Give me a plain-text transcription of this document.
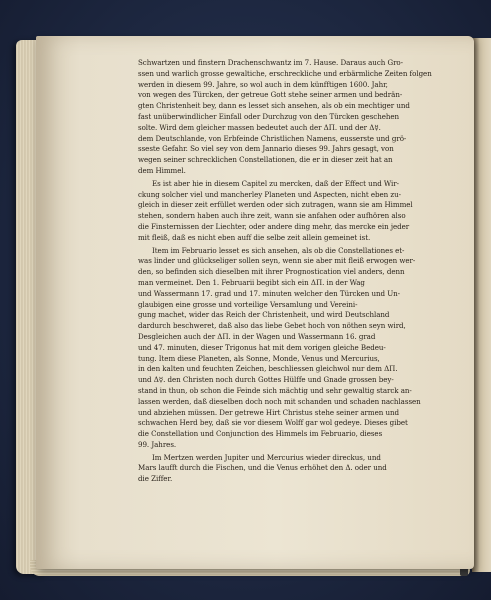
Schwartzen und finstern Drachenschwantz im 7. Hause. Daraus auch Gro-
ssen und warlich grosse gewaltiche, erschreckliche und erbärmliche Zeiten folgen
werden in diesem 99. Jahre, so wol auch in dem künfftigen 1600. Jahr,
von wegen des Türcken, der getreue Gott stehe seiner armen und bedrän-
gten Christenheit bey, dann es lesset sich ansehen, als ob ein mechtiger und
fast unüberwindlicher Einfall oder Durchzug von den Türcken geschehen
solte. Wird dem gleicher massen bedeutet auch der ΔΠ. und der Δ☿.
dem Deutschlande, von Erbfeinde Christlichen Namens, eusserste und grö-
sseste Gefahr. So viel sey von dem Jannario dieses 99. Jahrs gesagt, von
wegen seiner schrecklichen Constellationen, die er in dieser zeit hat an
dem Himmel.

Es ist aber hie in diesem Capitel zu mercken, daß der Effect und Wir-
ckung solcher viel und mancherley Planeten und Aspecten, nicht eben zu-
gleich in dieser zeit erfüllet werden oder sich zutragen, wann sie am Himmel
stehen, sondern haben auch ihre zeit, wann sie anfahen oder aufhören also
die Finsternissen der Liechter, oder andere ding mehr, das mercke ein jeder
mit fleiß, daß es nicht eben auff die selbe zeit allein gemeinet ist.

Item im Februario lesset es sich ansehen, als ob die Constellationes et-
was linder und glückseliger sollen seyn, wenn sie aber mit fleiß erwogen wer-
den, so befinden sich dieselben mit ihrer Prognostication viel anders, denn
man vermeinet. Den 1. Februarii begibt sich ein ΔΠ. in der Wag
und Wassermann 17. grad und 17. minuten welcher den Türcken und Un-
glaubigen eine grosse und vorteilige Versamlung und Vereini-
gung machet, wider das Reich der Christenheit, und wird Deutschland
dardurch beschweret, daß also das liebe Gebet hoch von nöthen seyn wird,
Desgleichen auch der ΔΠ. in der Wagen und Wassermann 16. grad
und 47. minuten, dieser Trigonus hat mit dem vorigen gleiche Bedeu-
tung. Item diese Planeten, als Sonne, Monde, Venus und Mercurius,
in den kalten und feuchten Zeichen, beschliessen gleichwol nur dem ΔΠ.
und Δ☿. den Christen noch durch Gottes Hülffe und Gnade grossen bey-
stand in thun, ob schon die Feinde sich mächtig und sehr gewaltig starck an-
lassen werden, daß dieselben doch noch mit schanden und schaden nachlassen
und abziehen müssen. Der getrewe Hirt Christus stehe seiner armen und
schwachen Herd bey, daß sie vor diesem Wolff gar wol gedeye. Dieses gibet
die Constellation und Conjunction des Himmels im Februario, dieses
99. Jahres.

Im Mertzen werden Jupiter und Mercurius wieder direckus, und
Mars laufft durch die Fischen, und die Venus erhöhet den Δ. oder und
die Ziffer.
